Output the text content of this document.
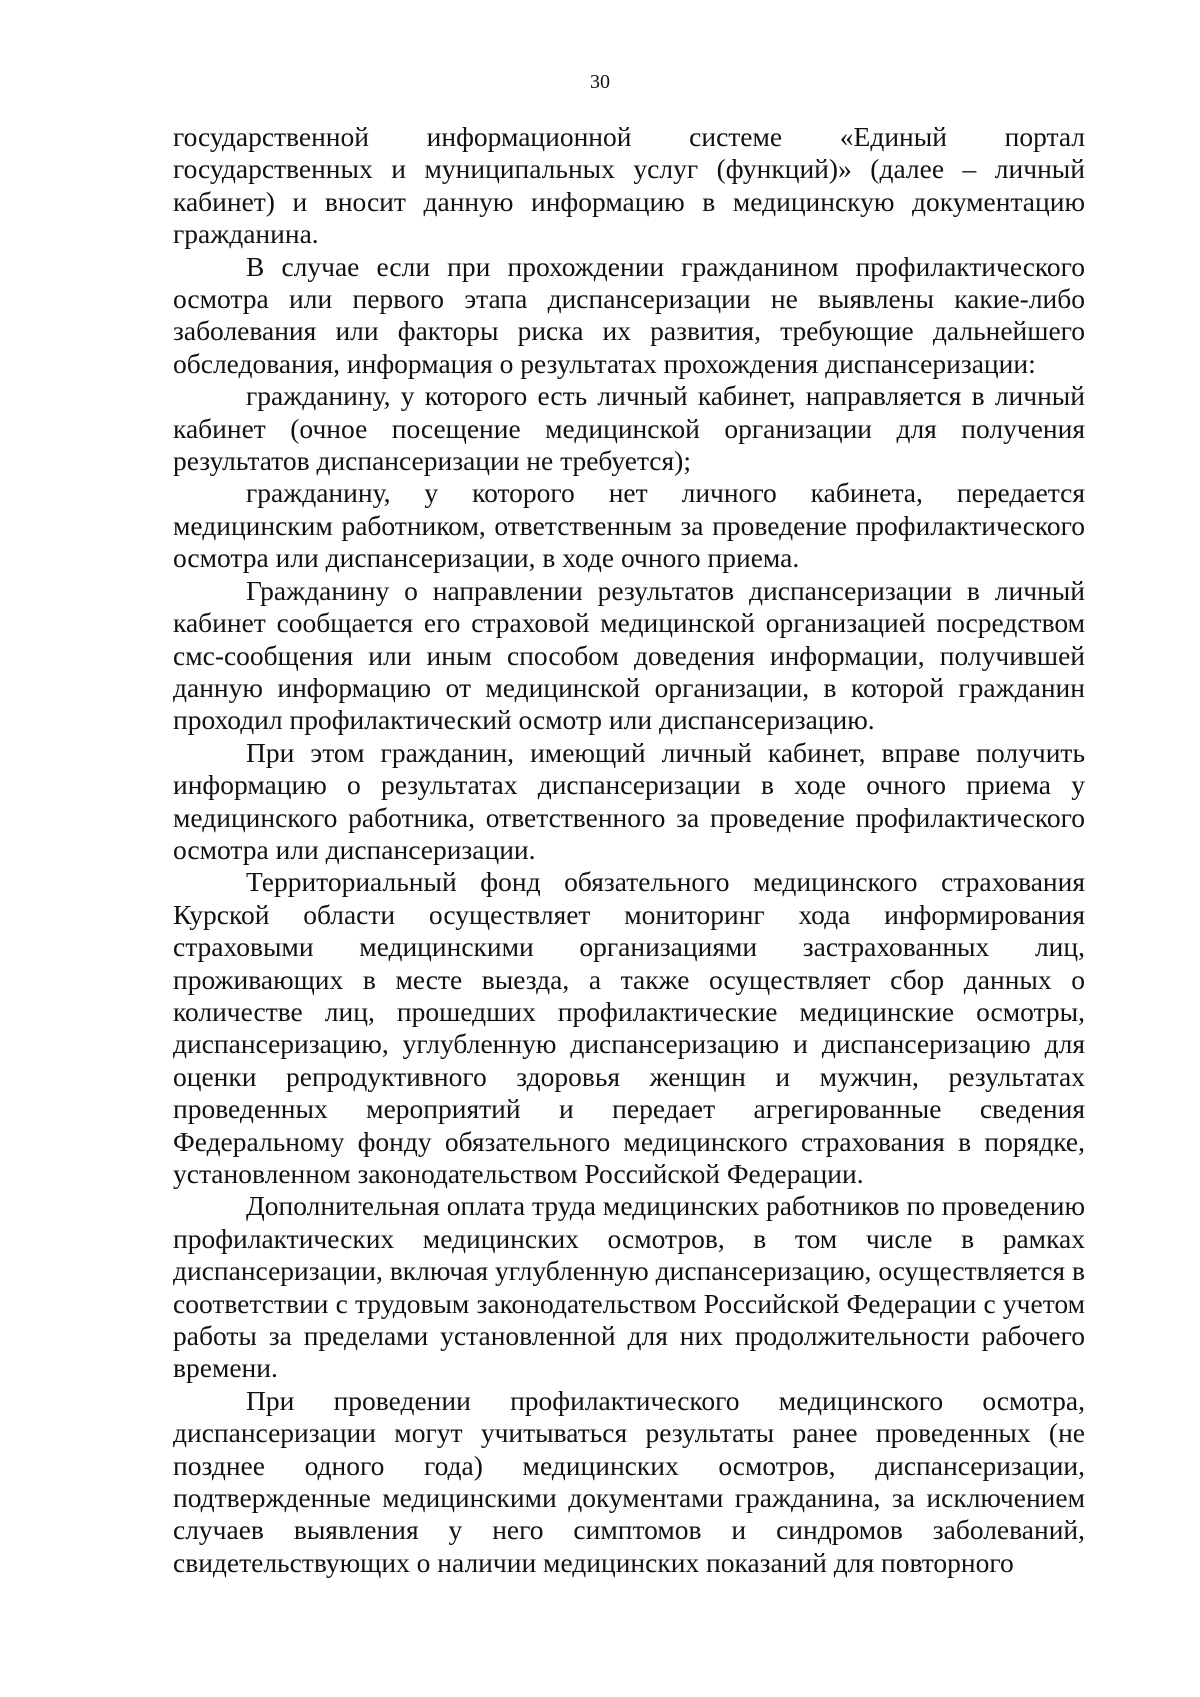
30

государственной информационной системе «Единый портал государственных и муниципальных услуг (функций)» (далее – личный кабинет) и вносит данную информацию в медицинскую документацию гражданина.

В случае если при прохождении гражданином профилактического осмотра или первого этапа диспансеризации не выявлены какие-либо заболевания или факторы риска их развития, требующие дальнейшего обследования, информация о результатах прохождения диспансеризации:

гражданину, у которого есть личный кабинет, направляется в личный кабинет (очное посещение медицинской организации для получения результатов диспансеризации не требуется);

гражданину, у которого нет личного кабинета, передается медицинским работником, ответственным за проведение профилактического осмотра или диспансеризации, в ходе очного приема.

Гражданину о направлении результатов диспансеризации в личный кабинет сообщается его страховой медицинской организацией посредством смс-сообщения или иным способом доведения информации, получившей данную информацию от медицинской организации, в которой гражданин проходил профилактический осмотр или диспансеризацию.

При этом гражданин, имеющий личный кабинет, вправе получить информацию о результатах диспансеризации в ходе очного приема у медицинского работника, ответственного за проведение профилактического осмотра или диспансеризации.

Территориальный фонд обязательного медицинского страхования Курской области осуществляет мониторинг хода информирования страховыми медицинскими организациями застрахованных лиц, проживающих в месте выезда, а также осуществляет сбор данных о количестве лиц, прошедших профилактические медицинские осмотры, диспансеризацию, углубленную диспансеризацию и диспансеризацию для оценки репродуктивного здоровья женщин и мужчин, результатах проведенных мероприятий и передает агрегированные сведения Федеральному фонду обязательного медицинского страхования в порядке, установленном законодательством Российской Федерации.

Дополнительная оплата труда медицинских работников по проведению профилактических медицинских осмотров, в том числе в рамках диспансеризации, включая углубленную диспансеризацию, осуществляется в соответствии с трудовым законодательством Российской Федерации с учетом работы за пределами установленной для них продолжительности рабочего времени.

При проведении профилактического медицинского осмотра, диспансеризации могут учитываться результаты ранее проведенных (не позднее одного года) медицинских осмотров, диспансеризации, подтвержденные медицинскими документами гражданина, за исключением случаев выявления у него симптомов и синдромов заболеваний, свидетельствующих о наличии медицинских показаний для повторного
